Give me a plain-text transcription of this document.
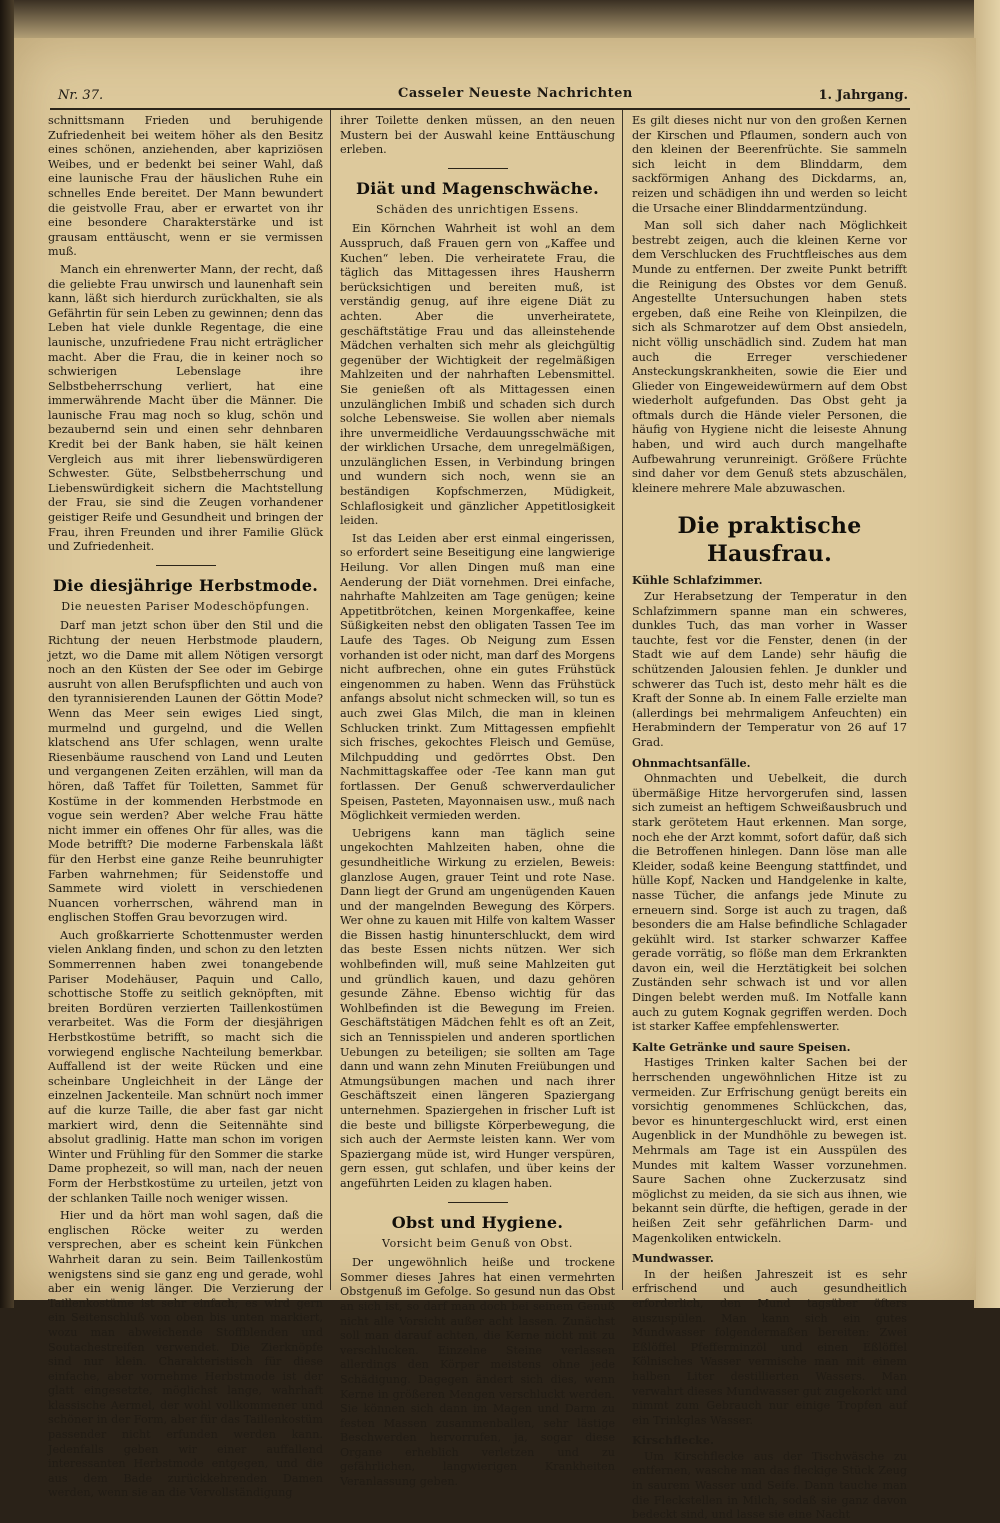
Nr. 37.	Casseler Neueste Nachrichten	1. Jahrgang.

schnittsmann Frieden und beruhigende Zufriedenheit bei weitem höher als den Besitz eines schönen, anziehenden, aber kapriziösen Weibes, und er bedenkt bei seiner Wahl, daß eine launische Frau der häuslichen Ruhe ein schnelles Ende bereitet. Der Mann bewundert die geistvolle Frau, aber er erwartet von ihr eine besondere Charakterstärke und ist grausam enttäuscht, wenn er sie vermissen muß.

Manch ein ehrenwerter Mann, der recht, daß die geliebte Frau unwirsch und launenhaft sein kann, läßt sich hierdurch zurückhalten, sie als Gefährtin für sein Leben zu gewinnen; denn das Leben hat viele dunkle Regentage, die eine launische, unzufriedene Frau nicht erträglicher macht. Aber die Frau, die in keiner noch so schwierigen Lebenslage ihre Selbstbeherrschung verliert, hat eine immerwährende Macht über die Männer. Die launische Frau mag noch so klug, schön und bezaubernd sein und einen sehr dehnbaren Kredit bei der Bank haben, sie hält keinen Vergleich aus mit ihrer liebenswürdigeren Schwester. Güte, Selbstbeherrschung und Liebenswürdigkeit sichern die Machtstellung der Frau, sie sind die Zeugen vorhandener geistiger Reife und Gesundheit und bringen der Frau, ihren Freunden und ihrer Familie Glück und Zufriedenheit.

Die diesjährige Herbstmode.
Die neuesten Pariser Modeschöpfungen.

Darf man jetzt schon über den Stil und die Richtung der neuen Herbstmode plaudern, jetzt, wo die Dame mit allem Nötigen versorgt noch an den Küsten der See oder im Gebirge ausruht von allen Berufspflichten und auch von den tyrannisierenden Launen der Göttin Mode? Wenn das Meer sein ewiges Lied singt, murmelnd und gurgelnd, und die Wellen klatschend ans Ufer schlagen, wenn uralte Riesenbäume rauschend von Land und Leuten und vergangenen Zeiten erzählen, will man da hören, daß Taffet für Toiletten, Sammet für Kostüme in der kommenden Herbstmode en vogue sein werden? Aber welche Frau hätte nicht immer ein offenes Ohr für alles, was die Mode betrifft? Die moderne Farbenskala läßt für den Herbst eine ganze Reihe beunruhigter Farben wahrnehmen; für Seidenstoffe und Sammete wird violett in verschiedenen Nuancen vorherrschen, während man in englischen Stoffen Grau bevorzugen wird.

Auch großkarrierte Schottenmuster werden vielen Anklang finden, und schon zu den letzten Sommerrennen haben zwei tonangebende Pariser Modehäuser, Paquin und Callo, schottische Stoffe zu seitlich geknöpften, mit breiten Bordüren verzierten Taillenkostümen verarbeitet. Was die Form der diesjährigen Herbstkostüme betrifft, so macht sich die vorwiegend englische Nachteilung bemerkbar. Auffallend ist der weite Rücken und eine scheinbare Ungleichheit in der Länge der einzelnen Jackenteile. Man schnürt noch immer auf die kurze Taille, die aber fast gar nicht markiert wird, denn die Seitennähte sind absolut gradlinig. Hatte man schon im vorigen Winter und Frühling für den Sommer die starke Dame prophezeit, so will man, nach der neuen Form der Herbstkostüme zu urteilen, jetzt von der schlanken Taille noch weniger wissen.

Hier und da hört man wohl sagen, daß die englischen Röcke weiter zu werden versprechen, aber es scheint kein Fünkchen Wahrheit daran zu sein. Beim Taillenkostüm wenigstens sind sie ganz eng und gerade, wohl aber ein wenig länger. Die Verzierung der Taillenkostüme ist sehr einfach; es wird gern ein Seitenschluß von oben bis unten markiert, wozu man abweichende Stoffblenden und Soutachestreifen verwendet. Die Zierknöpfe sind nur klein. Charakteristisch für diese einfache, aber vornehme Herbstmode ist der glatt eingesetzte, möglichst lange, wahrhaft klassische Aermel, der wohl vollkommener und schöner in der Form, aber für das Taillenkostüm passender nicht erfunden werden kann. Jedenfalls geben wir einer auffallend interessanten Herbstmode entgegen, und die aus dem Bade zurückkehrenden Damen werden, wenn sie an die Vervollständigung

ihrer Toilette denken müssen, an den neuen Mustern bei der Auswahl keine Enttäuschung erleben.

Diät und Magenschwäche.
Schäden des unrichtigen Essens.

Ein Körnchen Wahrheit ist wohl an dem Ausspruch, daß Frauen gern von „Kaffee und Kuchen“ leben. Die verheiratete Frau, die täglich das Mittagessen ihres Hausherrn berücksichtigen und bereiten muß, ist verständig genug, auf ihre eigene Diät zu achten. Aber die unverheiratete, geschäftstätige Frau und das alleinstehende Mädchen verhalten sich mehr als gleichgültig gegenüber der Wichtigkeit der regelmäßigen Mahlzeiten und der nahrhaften Lebensmittel. Sie genießen oft als Mittagessen einen unzulänglichen Imbiß und schaden sich durch solche Lebensweise. Sie wollen aber niemals ihre unvermeidliche Verdauungsschwäche mit der wirklichen Ursache, dem unregelmäßigen, unzulänglichen Essen, in Verbindung bringen und wundern sich noch, wenn sie an beständigen Kopfschmerzen, Müdigkeit, Schlaflosigkeit und gänzlicher Appetitlosigkeit leiden.

Ist das Leiden aber erst einmal eingerissen, so erfordert seine Beseitigung eine langwierige Heilung. Vor allen Dingen muß man eine Aenderung der Diät vornehmen. Drei einfache, nahrhafte Mahlzeiten am Tage genügen; keine Appetitbrötchen, keinen Morgenkaffee, keine Süßigkeiten nebst den obligaten Tassen Tee im Laufe des Tages. Ob Neigung zum Essen vorhanden ist oder nicht, man darf des Morgens nicht aufbrechen, ohne ein gutes Frühstück eingenommen zu haben. Wenn das Frühstück anfangs absolut nicht schmecken will, so tun es auch zwei Glas Milch, die man in kleinen Schlucken trinkt. Zum Mittagessen empfiehlt sich frisches, gekochtes Fleisch und Gemüse, Milchpudding und gedörrtes Obst. Den Nachmittagskaffee oder -Tee kann man gut fortlassen. Der Genuß schwerverdaulicher Speisen, Pasteten, Mayonnaisen usw., muß nach Möglichkeit vermieden werden.

Uebrigens kann man täglich seine ungekochten Mahlzeiten haben, ohne die gesundheitliche Wirkung zu erzielen, Beweis: glanzlose Augen, grauer Teint und rote Nase. Dann liegt der Grund am ungenügenden Kauen und der mangelnden Bewegung des Körpers. Wer ohne zu kauen mit Hilfe von kaltem Wasser die Bissen hastig hinunterschluckt, dem wird das beste Essen nichts nützen. Wer sich wohlbefinden will, muß seine Mahlzeiten gut und gründlich kauen, und dazu gehören gesunde Zähne. Ebenso wichtig für das Wohlbefinden ist die Bewegung im Freien. Geschäftstätigen Mädchen fehlt es oft an Zeit, sich an Tennisspielen und anderen sportlichen Uebungen zu beteiligen; sie sollten am Tage dann und wann zehn Minuten Freiübungen und Atmungsübungen machen und nach ihrer Geschäftszeit einen längeren Spaziergang unternehmen. Spaziergehen in frischer Luft ist die beste und billigste Körperbewegung, die sich auch der Aermste leisten kann. Wer vom Spaziergang müde ist, wird Hunger verspüren, gern essen, gut schlafen, und über keins der angeführten Leiden zu klagen haben.

Obst und Hygiene.
Vorsicht beim Genuß von Obst.

Der ungewöhnlich heiße und trockene Sommer dieses Jahres hat einen vermehrten Obstgenuß im Gefolge. So gesund nun das Obst an sich ist, so darf man doch bei seinem Genuß nicht alle Vorsicht außer acht lassen. Zunächst soll man darauf achten, die Kerne nicht mit zu verschlucken. Einzelne Steine verlassen allerdings den Körper meistens ohne jede Schädigung. Dagegen ändert sich dies, wenn Kerne in größeren Mengen verschluckt werden. Sie können sich dann im Magen und Darm zu festen Massen zusammenballen, sehr lästige Beschwerden hervorrufen, ja, sogar diese Organe erheblich verletzen und zu gefährlichen, langwierigen Krankheiten Veranlassung geben.

Es gilt dieses nicht nur von den großen Kernen der Kirschen und Pflaumen, sondern auch von den kleinen der Beerenfrüchte. Sie sammeln sich leicht in dem Blinddarm, dem sackförmigen Anhang des Dickdarms, an, reizen und schädigen ihn und werden so leicht die Ursache einer Blinddarmentzündung.

Man soll sich daher nach Möglichkeit bestrebt zeigen, auch die kleinen Kerne vor dem Verschlucken des Fruchtfleisches aus dem Munde zu entfernen. Der zweite Punkt betrifft die Reinigung des Obstes vor dem Genuß. Angestellte Untersuchungen haben stets ergeben, daß eine Reihe von Kleinpilzen, die sich als Schmarotzer auf dem Obst ansiedeln, nicht völlig unschädlich sind. Zudem hat man auch die Erreger verschiedener Ansteckungskrankheiten, sowie die Eier und Glieder von Eingeweidewürmern auf dem Obst wiederholt aufgefunden. Das Obst geht ja oftmals durch die Hände vieler Personen, die häufig von Hygiene nicht die leiseste Ahnung haben, und wird auch durch mangelhafte Aufbewahrung verunreinigt. Größere Früchte sind daher vor dem Genuß stets abzuschälen, kleinere mehrere Male abzuwaschen.

Die praktische Hausfrau.
Kühle Schlafzimmer.

Zur Herabsetzung der Temperatur in den Schlafzimmern spanne man ein schweres, dunkles Tuch, das man vorher in Wasser tauchte, fest vor die Fenster, denen (in der Stadt wie auf dem Lande) sehr häufig die schützenden Jalousien fehlen. Je dunkler und schwerer das Tuch ist, desto mehr hält es die Kraft der Sonne ab. In einem Falle erzielte man (allerdings bei mehrmaligem Anfeuchten) ein Herabmindern der Temperatur von 26 auf 17 Grad.

Ohnmachtsanfälle.

Ohnmachten und Uebelkeit, die durch übermäßige Hitze hervorgerufen sind, lassen sich zumeist an heftigem Schweißausbruch und stark gerötetem Haut erkennen. Man sorge, noch ehe der Arzt kommt, sofort dafür, daß sich die Betroffenen hinlegen. Dann löse man alle Kleider, sodaß keine Beengung stattfindet, und hülle Kopf, Nacken und Handgelenke in kalte, nasse Tücher, die anfangs jede Minute zu erneuern sind. Sorge ist auch zu tragen, daß besonders die am Halse befindliche Schlagader gekühlt wird. Ist starker schwarzer Kaffee gerade vorrätig, so flöße man dem Erkrankten davon ein, weil die Herztätigkeit bei solchen Zuständen sehr schwach ist und vor allen Dingen belebt werden muß. Im Notfalle kann auch zu gutem Kognak gegriffen werden. Doch ist starker Kaffee empfehlenswerter.

Kalte Getränke und saure Speisen.

Hastiges Trinken kalter Sachen bei der herrschenden ungewöhnlichen Hitze ist zu vermeiden. Zur Erfrischung genügt bereits ein vorsichtig genommenes Schlückchen, das, bevor es hinuntergeschluckt wird, erst einen Augenblick in der Mundhöhle zu bewegen ist. Mehrmals am Tage ist ein Ausspülen des Mundes mit kaltem Wasser vorzunehmen. Saure Sachen ohne Zuckerzusatz sind möglichst zu meiden, da sie sich aus ihnen, wie bekannt sein dürfte, die heftigen, gerade in der heißen Zeit sehr gefährlichen Darm- und Magenkoliken entwickeln.

Mundwasser.

In der heißen Jahreszeit ist es sehr erfrischend und auch gesundheitlich erforderlich, den Mund tagsüber öfters auszuspülen. Man kann sich ein gutes Mundwasser folgendermaßen bereiten: Zwei Eßlöffel Pfefferminzöl und einen Eßlöffel Kölnisches Wasser vermische man mit einem halben Liter destillierten Wassers. Man verwahrt dieses Mundwasser gut zugekorkt und nimmt zum Gebrauch nur einige Tropfen auf ein Trinkglas Wasser.

Kirschflecke.

Um Kirschflecke aus der Tischwäsche zu entfernen, wasche man das fleckige Stück Zeug in saurem Wasser und Seife. Dann tauche man die Fleckstellen in Milch, sodaß sie ganz davon bedeckt sind, und lasse sie eine Nacht
